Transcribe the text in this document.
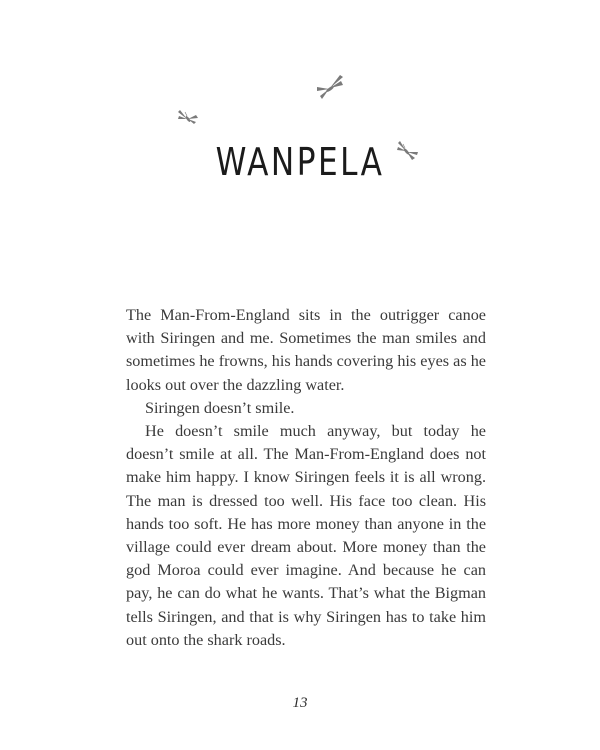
WANPELA

The Man-From-England sits in the outrigger canoe with Siringen and me. Sometimes the man smiles and sometimes he frowns, his hands covering his eyes as he looks out over the dazzling water.

Siringen doesn’t smile.

He doesn’t smile much anyway, but today he doesn’t smile at all. The Man-From-England does not make him happy. I know Siringen feels it is all wrong. The man is dressed too well. His face too clean. His hands too soft. He has more money than anyone in the village could ever dream about. More money than the god Moroa could ever imagine. And because he can pay, he can do what he wants. That’s what the Bigman tells Siringen, and that is why Siringen has to take him out onto the shark roads.

13
